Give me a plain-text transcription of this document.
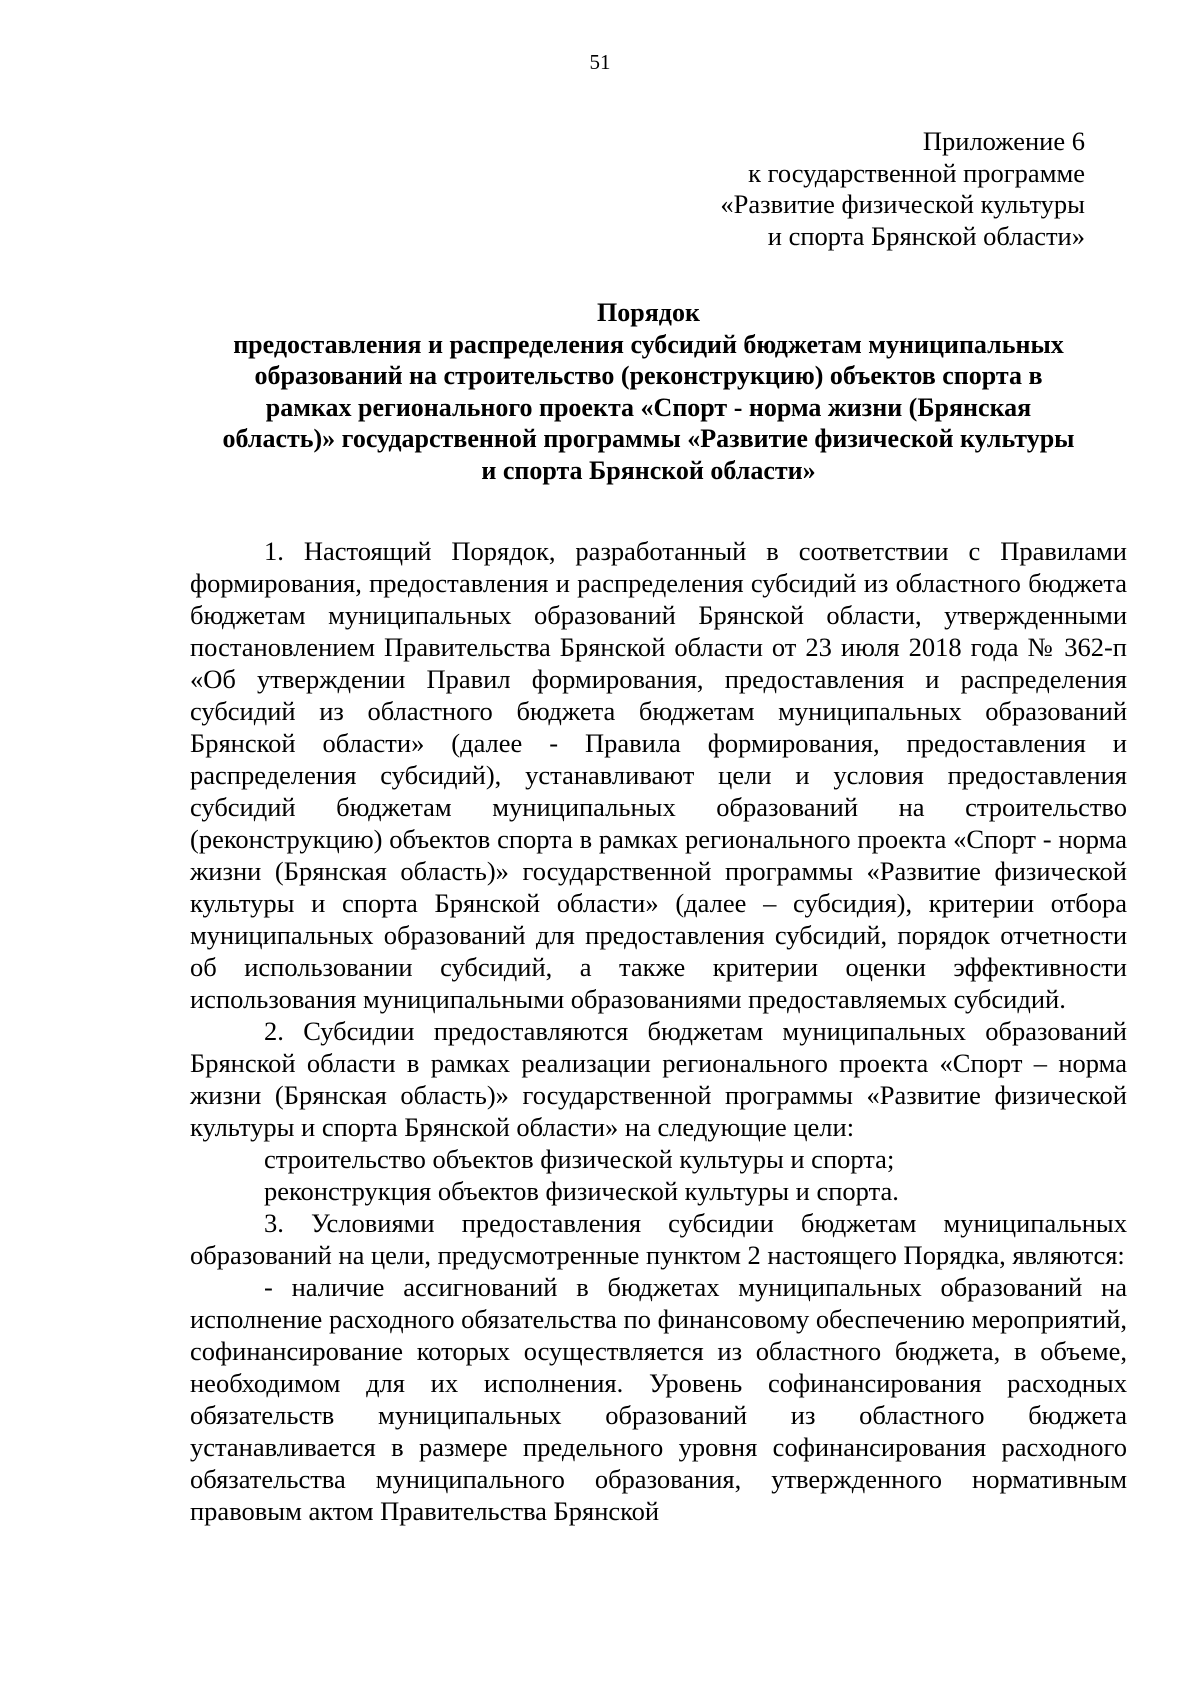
51
Приложение 6
к государственной программе
«Развитие физической культуры
и спорта Брянской области»
Порядок
предоставления и распределения субсидий бюджетам муниципальных
образований на строительство (реконструкцию) объектов спорта в
рамках регионального проекта «Спорт - норма жизни (Брянская
область)» государственной программы «Развитие физической культуры
и спорта Брянской области»

1. Настоящий Порядок, разработанный в соответствии с Правилами формирования, предоставления и распределения субсидий из областного бюджета бюджетам муниципальных образований Брянской области, утвержденными постановлением Правительства Брянской области от 23 июля 2018 года № 362-п «Об утверждении Правил формирования, предоставления и распределения субсидий из областного бюджета бюджетам муниципальных образований Брянской области» (далее - Правила формирования, предоставления и распределения субсидий), устанавливают цели и условия предоставления субсидий бюджетам муниципальных образований на строительство (реконструкцию) объектов спорта в рамках регионального проекта «Спорт - норма жизни (Брянская область)» государственной программы «Развитие физической культуры и спорта Брянской области» (далее – субсидия), критерии отбора муниципальных образований для предоставления субсидий, порядок отчетности об использовании субсидий, а также критерии оценки эффективности использования муниципальными образованиями предоставляемых субсидий.

2. Субсидии предоставляются бюджетам муниципальных образований Брянской области в рамках реализации регионального проекта «Спорт – норма жизни (Брянская область)» государственной программы «Развитие физической культуры и спорта Брянской области» на следующие цели:

строительство объектов физической культуры и спорта;

реконструкция объектов физической культуры и спорта.

3. Условиями предоставления субсидии бюджетам муниципальных образований на цели, предусмотренные пунктом 2 настоящего Порядка, являются:

- наличие ассигнований в бюджетах муниципальных образований на исполнение расходного обязательства по финансовому обеспечению мероприятий, софинансирование которых осуществляется из областного бюджета, в объеме, необходимом для их исполнения. Уровень софинансирования расходных обязательств муниципальных образований из областного бюджета устанавливается в размере предельного уровня софинансирования расходного обязательства муниципального образования, утвержденного нормативным правовым актом Правительства Брянской
